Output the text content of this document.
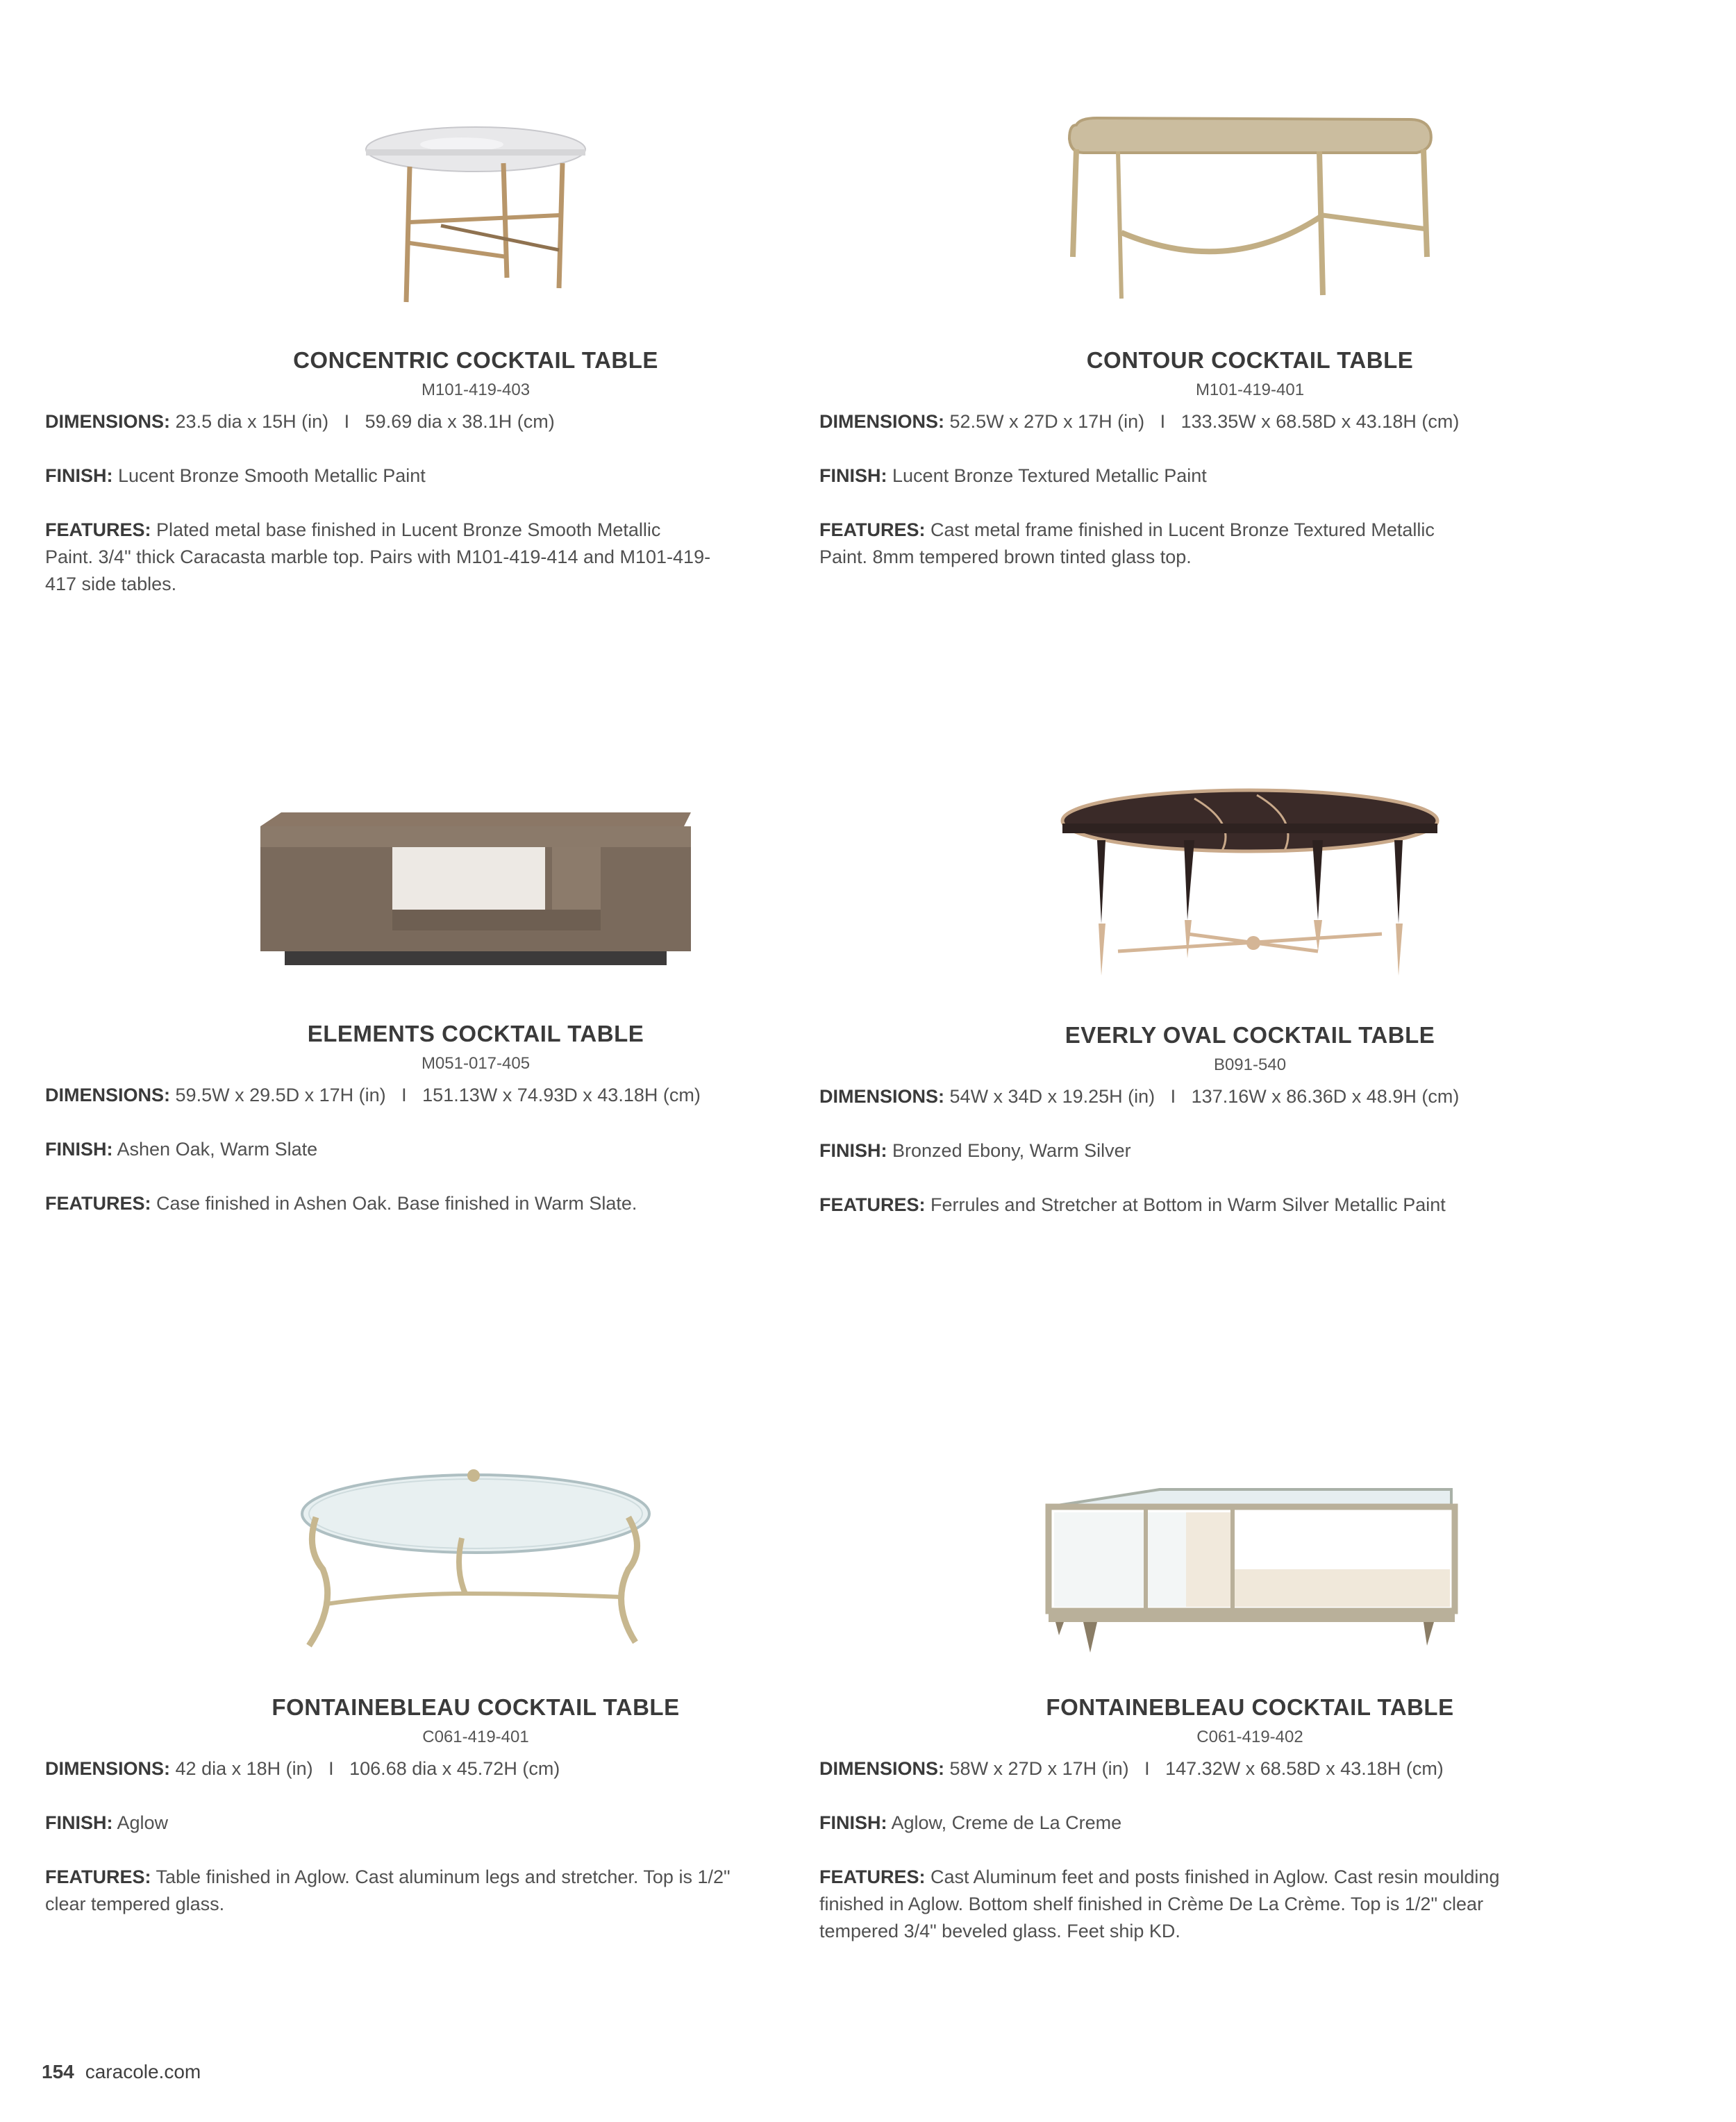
CONCENTRIC COCKTAIL TABLE
M101-419-403
DIMENSIONS: 23.5 dia x 15H (in)   I   59.69 dia x 38.1H (cm)
FINISH: Lucent Bronze Smooth Metallic Paint
FEATURES: Plated metal base finished in Lucent Bronze Smooth Metallic Paint. 3/4" thick Caracasta marble top. Pairs with M101-419-414 and M101-419-417 side tables.
CONTOUR COCKTAIL TABLE
M101-419-401
DIMENSIONS: 52.5W x 27D x 17H (in)   I   133.35W x 68.58D x 43.18H (cm)
FINISH: Lucent Bronze Textured Metallic Paint
FEATURES: Cast metal frame finished in Lucent Bronze Textured Metallic Paint. 8mm tempered brown tinted glass top.
ELEMENTS COCKTAIL TABLE
M051-017-405
DIMENSIONS: 59.5W x 29.5D x 17H (in)   I   151.13W x 74.93D x 43.18H (cm)
FINISH: Ashen Oak, Warm Slate
FEATURES: Case finished in Ashen Oak. Base finished in Warm Slate.
EVERLY OVAL COCKTAIL TABLE
B091-540
DIMENSIONS: 54W x 34D x 19.25H (in)   I   137.16W x 86.36D x 48.9H (cm)
FINISH: Bronzed Ebony, Warm Silver
FEATURES: Ferrules and Stretcher at Bottom in Warm Silver Metallic Paint
FONTAINEBLEAU COCKTAIL TABLE
C061-419-401
DIMENSIONS: 42 dia x 18H (in)   I   106.68 dia x 45.72H (cm)
FINISH: Aglow
FEATURES: Table finished in Aglow. Cast aluminum legs and stretcher. Top is 1/2" clear tempered glass.
FONTAINEBLEAU COCKTAIL TABLE
C061-419-402
DIMENSIONS: 58W x 27D x 17H (in)   I   147.32W x 68.58D x 43.18H (cm)
FINISH: Aglow, Creme de La Creme
FEATURES: Cast Aluminum feet and posts finished in Aglow. Cast resin moulding finished in Aglow. Bottom shelf finished in Crème De La Crème. Top is 1/2" clear tempered 3/4" beveled glass. Feet ship KD.
154 caracole.com
